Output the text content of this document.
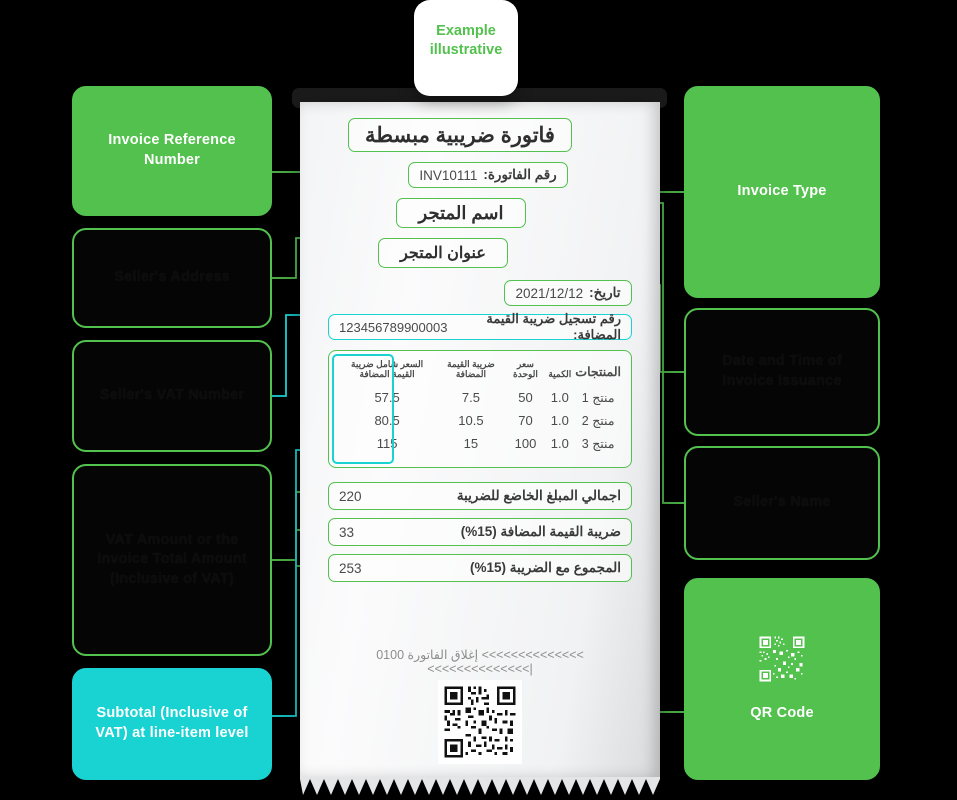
Invoice Reference Number
Seller's Address
Seller's VAT Number
VAT Amount or the Invoice Total Amount (Inclusive of VAT)
Subtotal (Inclusive of VAT) at line-item level
Invoice Type
Date and Time of Invoice Issuance
Seller's Name
QR Code
فاتورة ضريبية مبسطة
رقم الفاتورة:
INV10111
اسم المتجر
عنوان المتجر
تاريخ:
2021/12/12
رقم تسجيل ضريبة القيمة المضافة:
123456789900003
المنتجات	الكمية	سعر الوحدة	ضريبة القيمة المضافة	السعر شامل ضريبة القيمة المضافة
منتج 1	1.0	50	7.5	57.5
منتج 2	1.0	70	10.5	80.5
منتج 3	1.0	100	15	115
اجمالي المبلغ الخاضع للضريبة
220
ضريبة القيمة المضافة (15%)
33
المجموع مع الضريبة (15%)
253
>>>>>>>>>>>>>> إغلاق الفاتورة 0100 |>>>>>>>>>>>>>>
Example
illustrative
